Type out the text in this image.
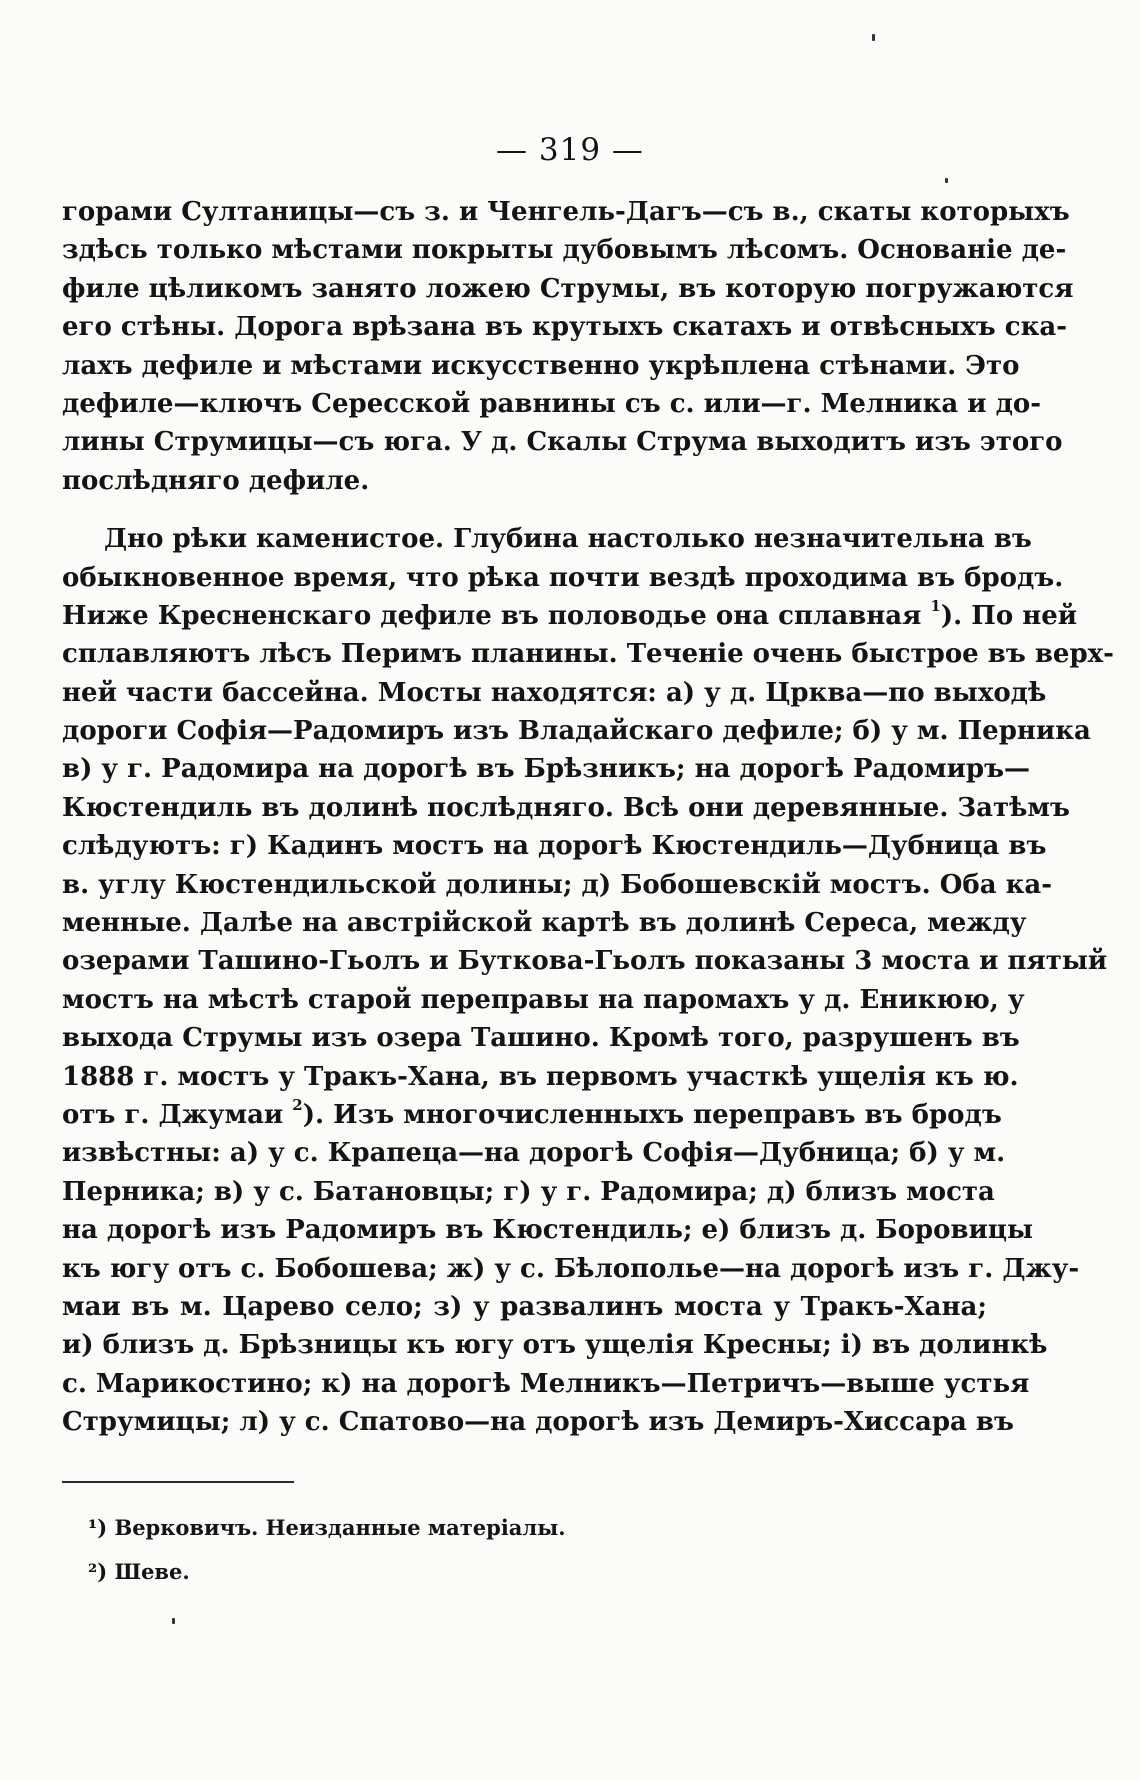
— 319 —
горами Султаницы—съ з. и Ченгель-Дагъ—съ в., скаты которыхъ
здѣсь только мѣстами покрыты дубовымъ лѣсомъ. Основаніе де-
филе цѣликомъ занято ложею Струмы, въ которую погружаются
его стѣны. Дорога врѣзана въ крутыхъ скатахъ и отвѣсныхъ ска-
лахъ дефиле и мѣстами искусственно укрѣплена стѣнами. Это
дефиле—ключъ Сересской равнины съ с. или—г. Мелника и до-
лины Струмицы—съ юга. У д. Скалы Струма выходитъ изъ этого
послѣдняго дефиле.
Дно рѣки каменистое. Глубина настолько незначительна въ
обыкновенное время, что рѣка почти вездѣ проходима въ бродъ.
Ниже Кресненскаго дефиле въ половодье она сплавная $^1$). По ней
сплавляютъ лѣсъ Перимъ планины. Теченіе очень быстрое въ верх-
ней части бассейна. Мосты находятся: а) у д. Црква—по выходѣ
дороги Софія—Радомиръ изъ Владайскаго дефиле; б) у м. Перника
в) у г. Радомира на дорогѣ въ Брѣзникъ; на дорогѣ Радомиръ—
Кюстендиль въ долинѣ послѣдняго. Всѣ они деревянные. Затѣмъ
слѣдуютъ: г) Кадинъ мостъ на дорогѣ Кюстендиль—Дубница въ
в. углу Кюстендильской долины; д) Бобошевскій мостъ. Оба ка-
менные. Далѣе на австрійской картѣ въ долинѣ Сереса, между
озерами Ташино-Гьолъ и Буткова-Гьолъ показаны 3 моста и пятый
мостъ на мѣстѣ старой переправы на паромахъ у д. Еникюю, у
выхода Струмы изъ озера Ташино. Кромѣ того, разрушенъ въ
1888 г. мостъ у Тракъ-Хана, въ первомъ участкѣ ущелія къ ю.
отъ г. Джумаи $^2$). Изъ многочисленныхъ переправъ въ бродъ
извѣстны: а) у с. Крапеца—на дорогѣ Софія—Дубница; б) у м.
Перника; в) у с. Батановцы; г) у г. Радомира; д) близъ моста
на дорогѣ изъ Радомиръ въ Кюстендиль; е) близъ д. Боровицы
къ югу отъ с. Бобошева; ж) у с. Бѣлополье—на дорогѣ изъ г. Джу-
маи въ м. Царево село; з) у развалинъ моста у Тракъ-Хана;
и) близъ д. Брѣзницы къ югу отъ ущелія Кресны; і) въ долинкѣ
с. Марикостино; к) на дорогѣ Мелникъ—Петричъ—выше устья
Струмицы; л) у с. Спатово—на дорогѣ изъ Демиръ-Хиссара въ
¹) Верковичъ. Неизданные матеріалы.
²) Шеве.
